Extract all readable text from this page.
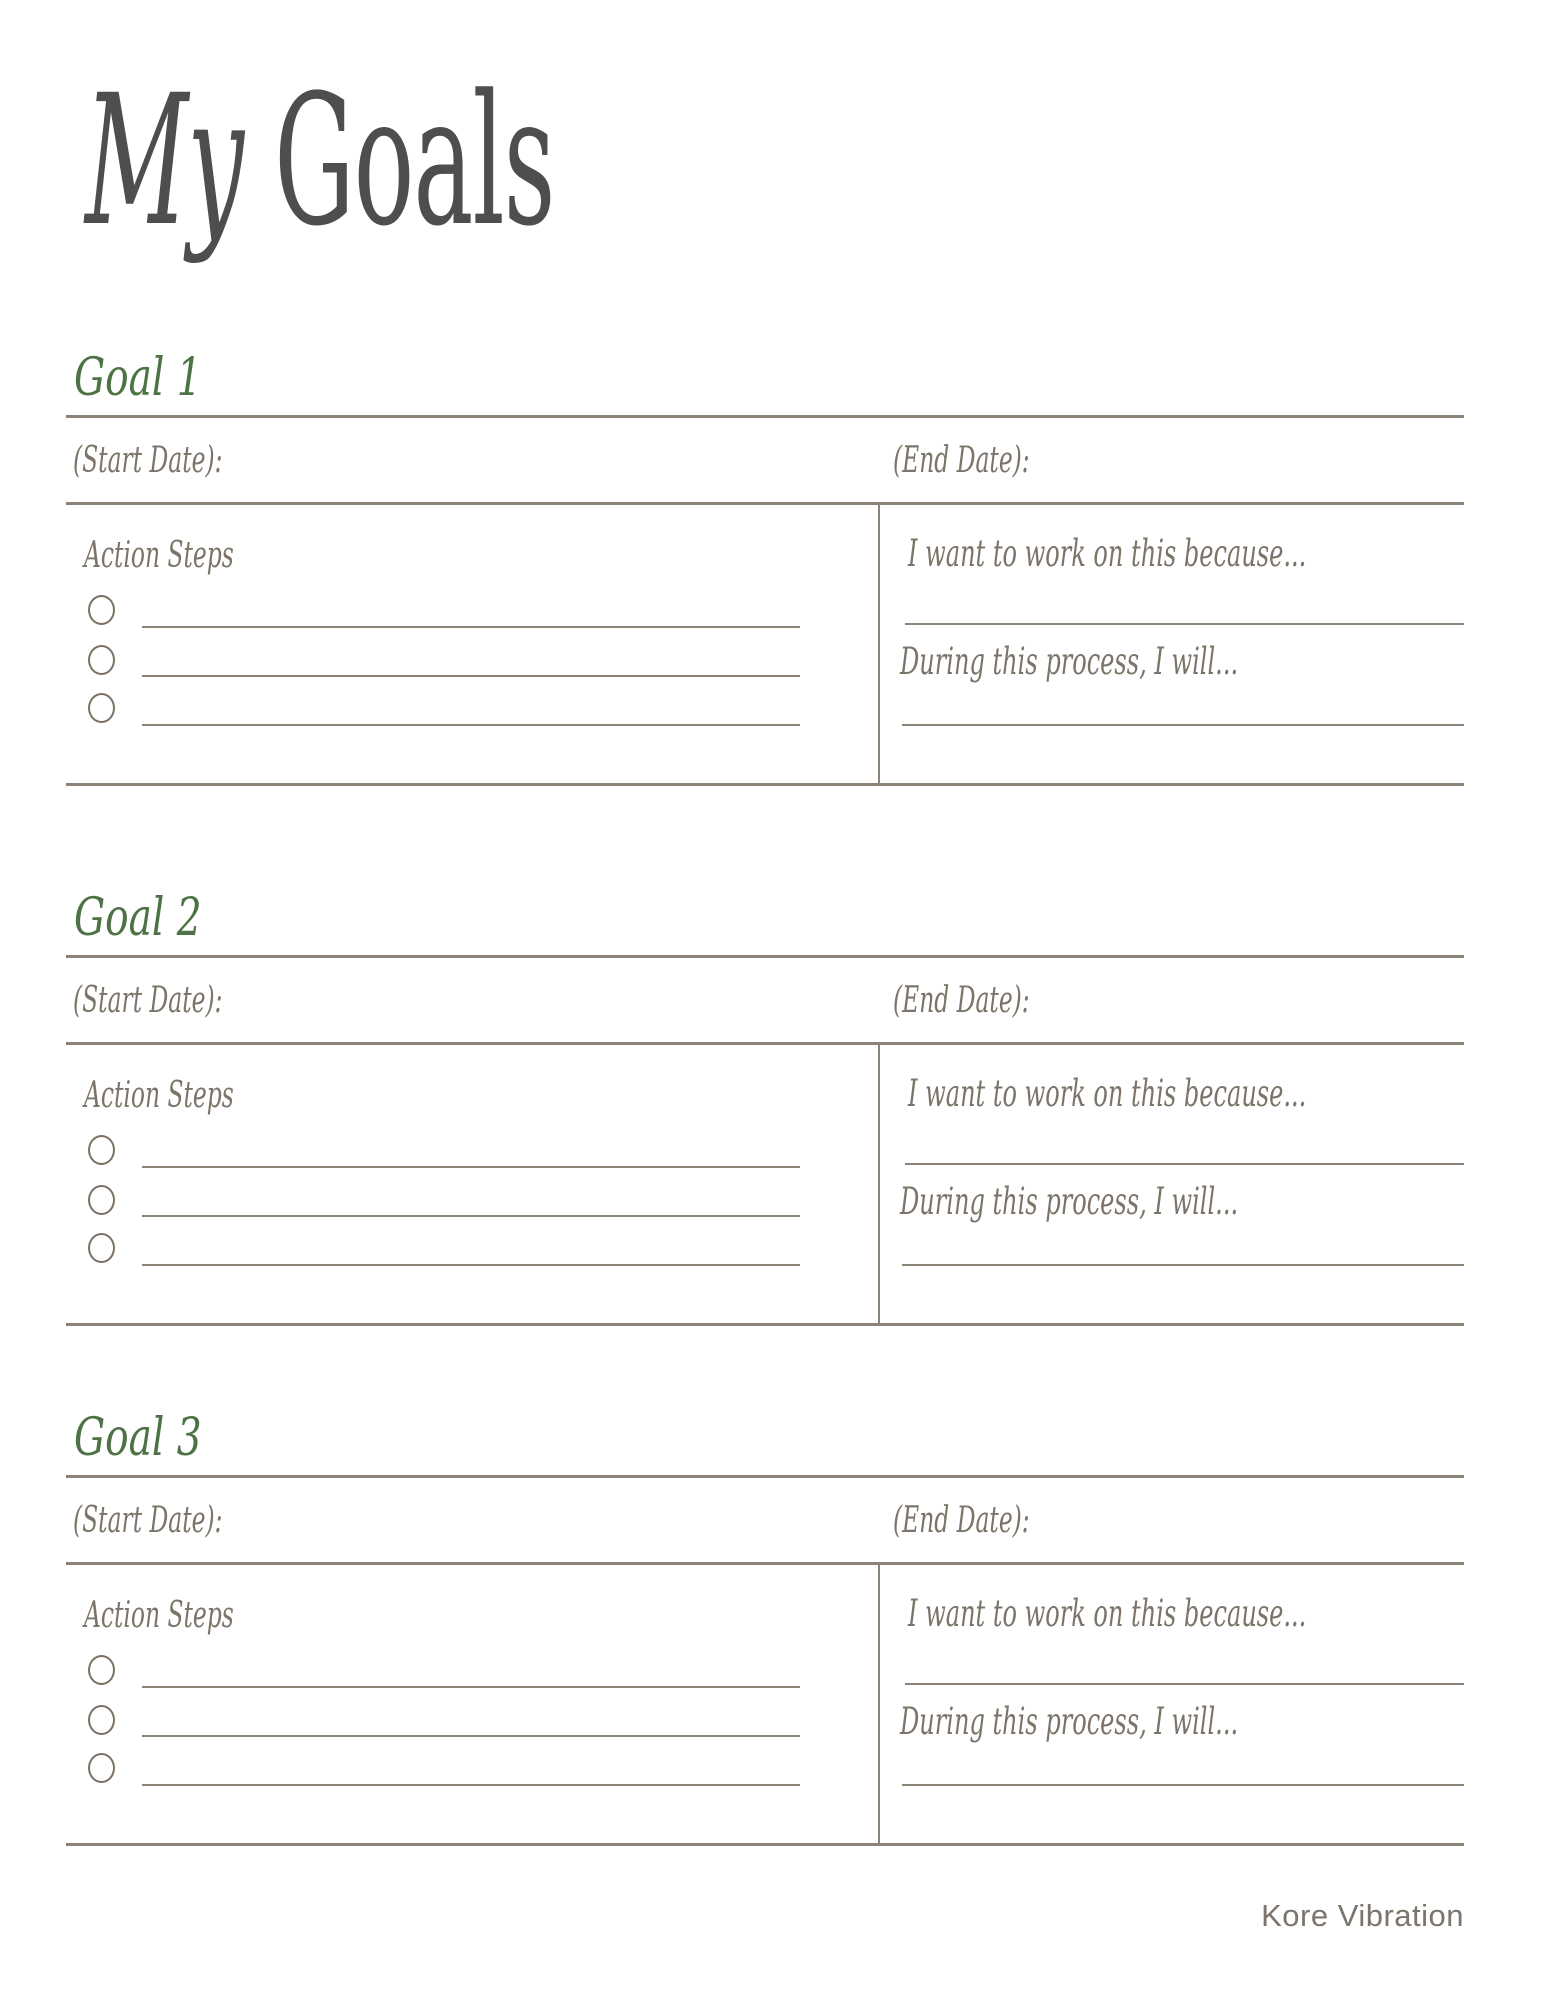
My Goals
Goal 1
(Start Date):	(End Date):
Action Steps	I want to work on this because...
During this process, I will...
Goal 2
(Start Date):	(End Date):
Action Steps	I want to work on this because...
During this process, I will...
Goal 3
(Start Date):	(End Date):
Action Steps	I want to work on this because...
During this process, I will...
Kore Vibration
